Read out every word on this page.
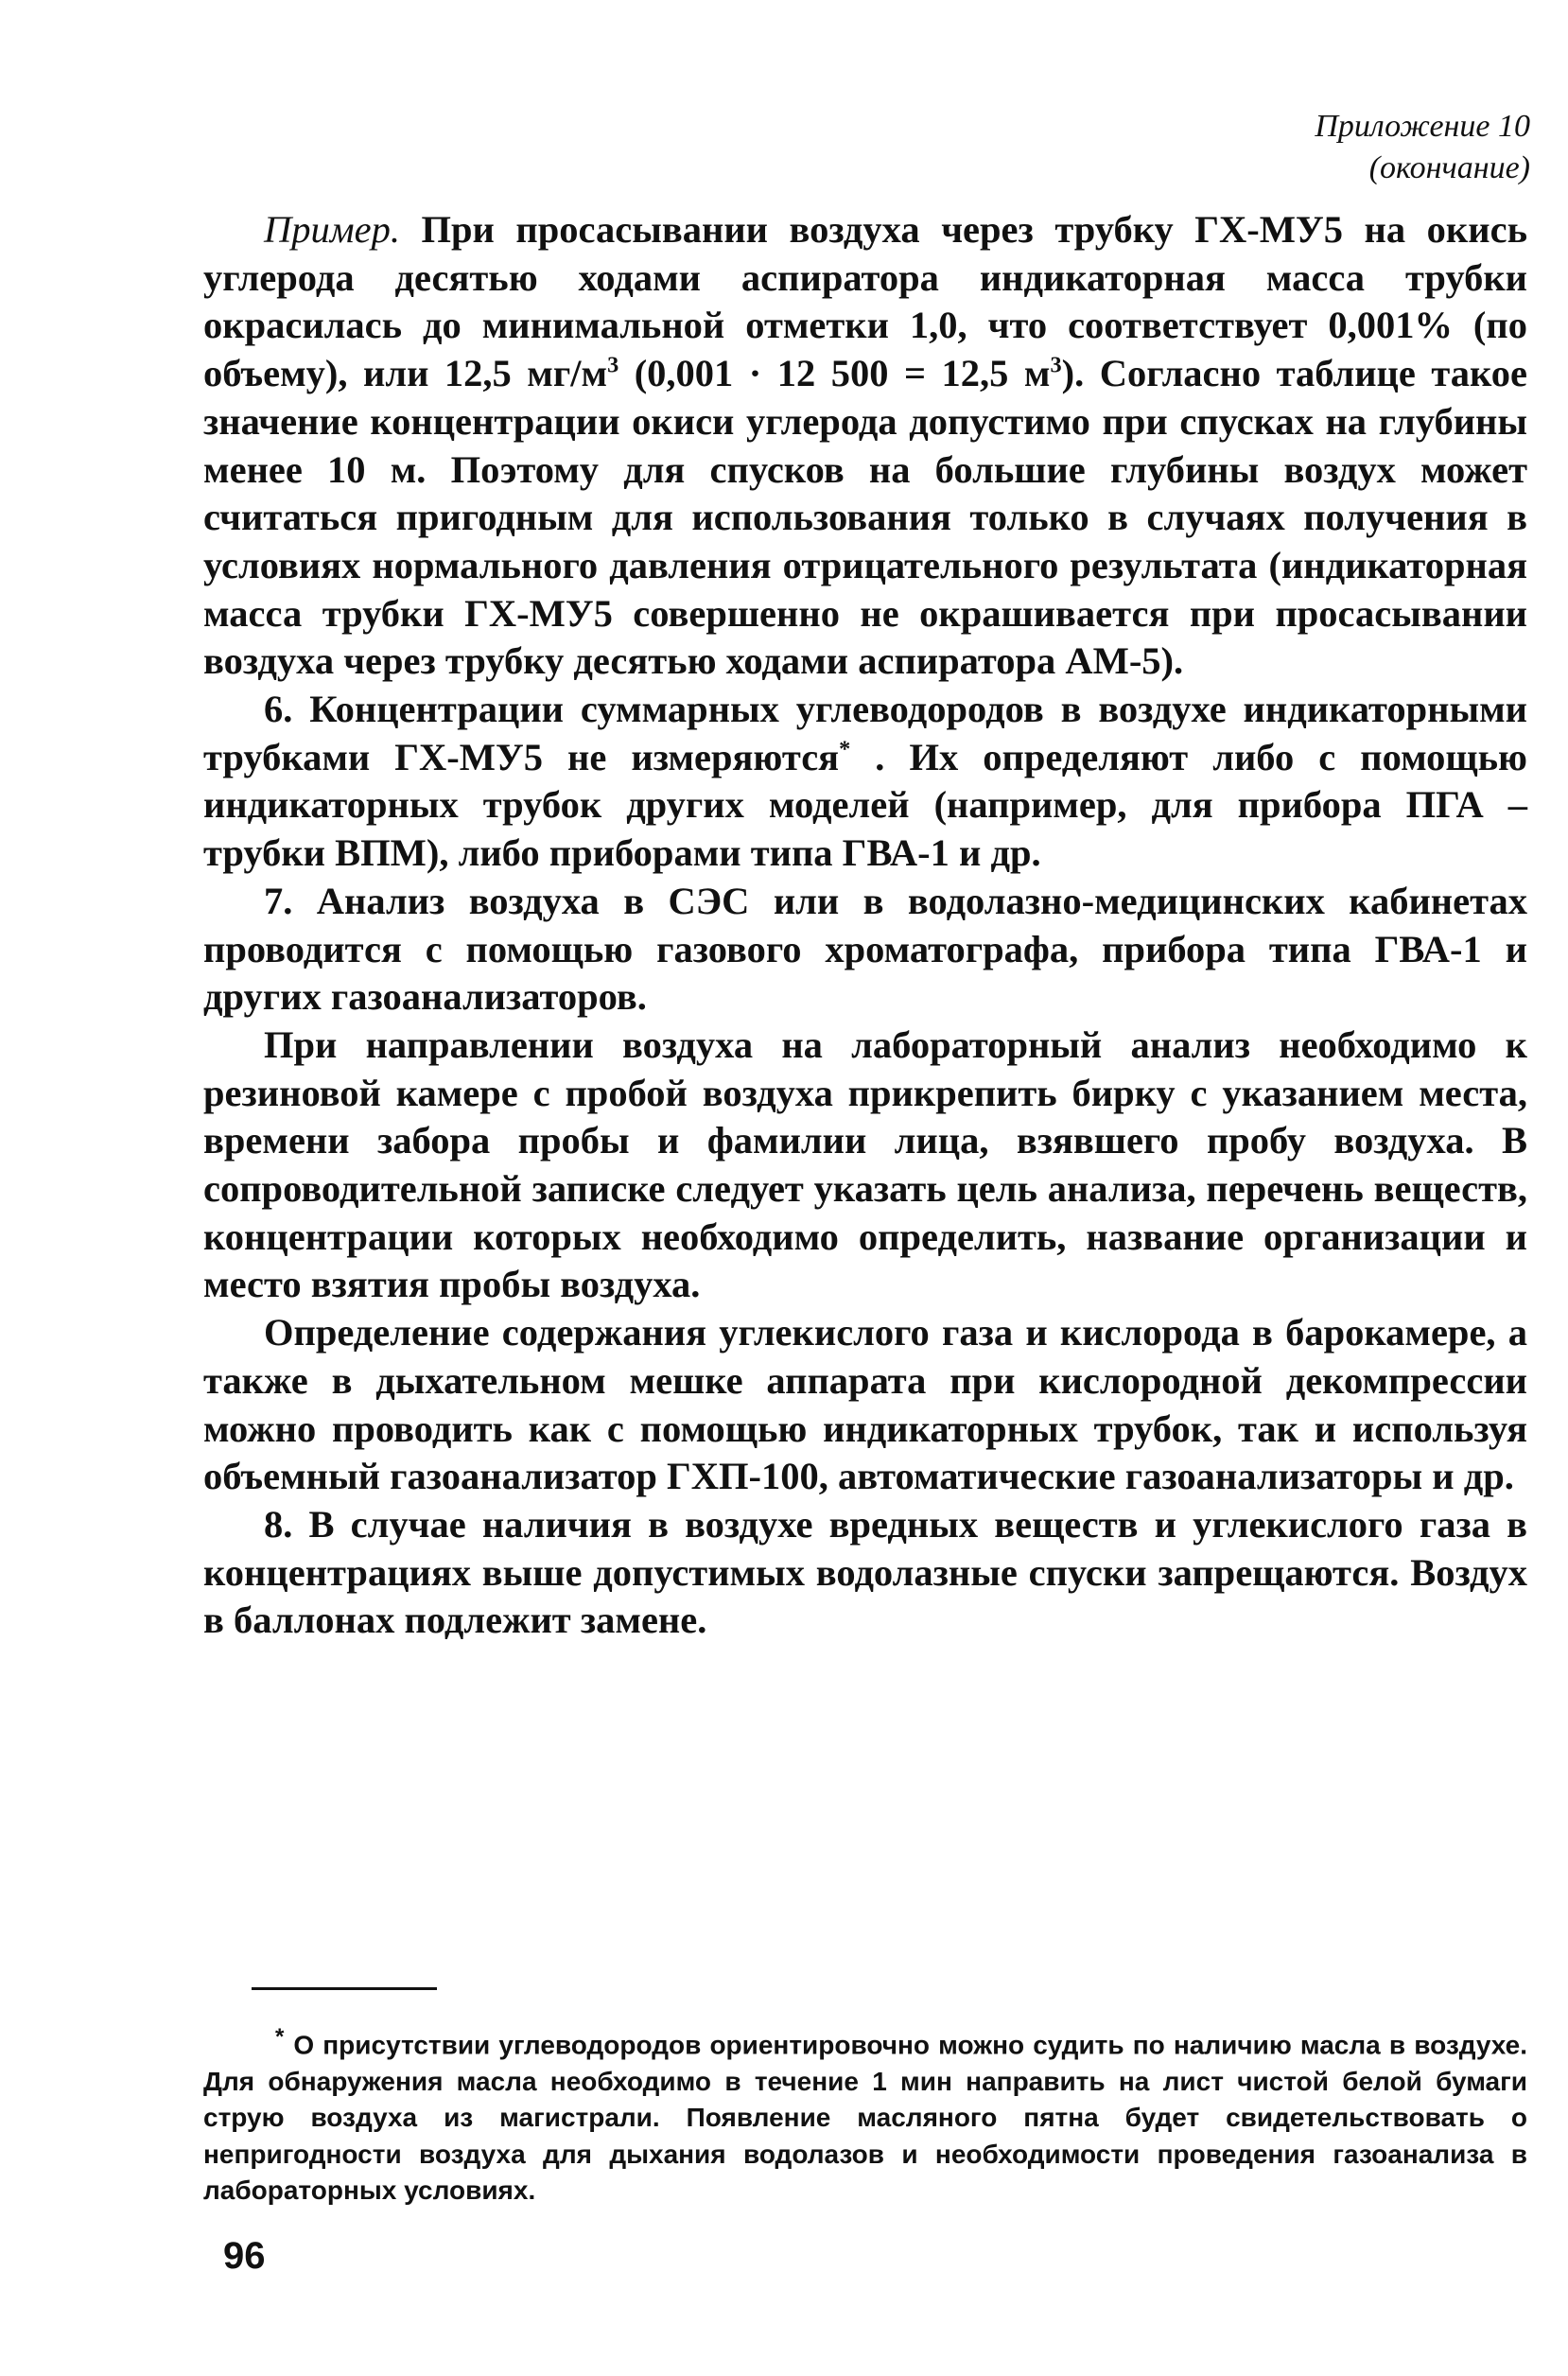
Приложение 10
(окончание)

Пример. При просасывании воздуха через трубку ГХ-МУ5 на окись углерода десятью ходами аспиратора индикаторная масса трубки окрасилась до минимальной отметки 1,0, что соответствует 0,001% (по объему), или 12,5 $мг/м^3$ (0,001 · 12 500 = 12,5 $м^3$). Согласно таблице такое значение концентрации окиси углерода допустимо при спусках на глубины менее 10 м. Поэтому для спусков на большие глубины воздух может считаться пригодным для использования только в случаях получения в условиях нормального давления отрицательного результата (индикаторная масса трубки ГХ-МУ5 совершенно не окрашивается при просасывании воздуха через трубку десятью ходами аспиратора АМ-5).

6. Концентрации суммарных углеводородов в воздухе индикаторными трубками ГХ-МУ5 не измеряются* . Их определяют либо с помощью индикаторных трубок других моделей (например, для прибора ПГА – трубки ВПМ), либо приборами типа ГВА-1 и др.

7. Анализ воздуха в СЭС или в водолазно-медицинских кабинетах проводится с помощью газового хроматографа, прибора типа ГВА-1 и других газоанализаторов.

При направлении воздуха на лабораторный анализ необходимо к резиновой камере с пробой воздуха прикрепить бирку с указанием места, времени забора пробы и фамилии лица, взявшего пробу воздуха. В сопроводительной записке следует указать цель анализа, перечень веществ, концентрации которых необходимо определить, название организации и место взятия пробы воздуха.

Определение содержания углекислого газа и кислорода в барокамере, а также в дыхательном мешке аппарата при кислородной декомпрессии можно проводить как с помощью индикаторных трубок, так и используя объемный газоанализатор ГХП-100, автоматические газоанализаторы и др.

8. В случае наличия в воздухе вредных веществ и углекислого газа в концентрациях выше допустимых водолазные спуски запрещаются. Воздух в баллонах подлежит замене.

* О присутствии углеводородов ориентировочно можно судить по наличию масла в воздухе. Для обнаружения масла необходимо в течение 1 мин направить на лист чистой белой бумаги струю воздуха из магистрали. Появление масляного пятна будет свидетельствовать о непригодности воздуха для дыхания водолазов и необходимости проведения газоанализа в лабораторных условиях.
96
